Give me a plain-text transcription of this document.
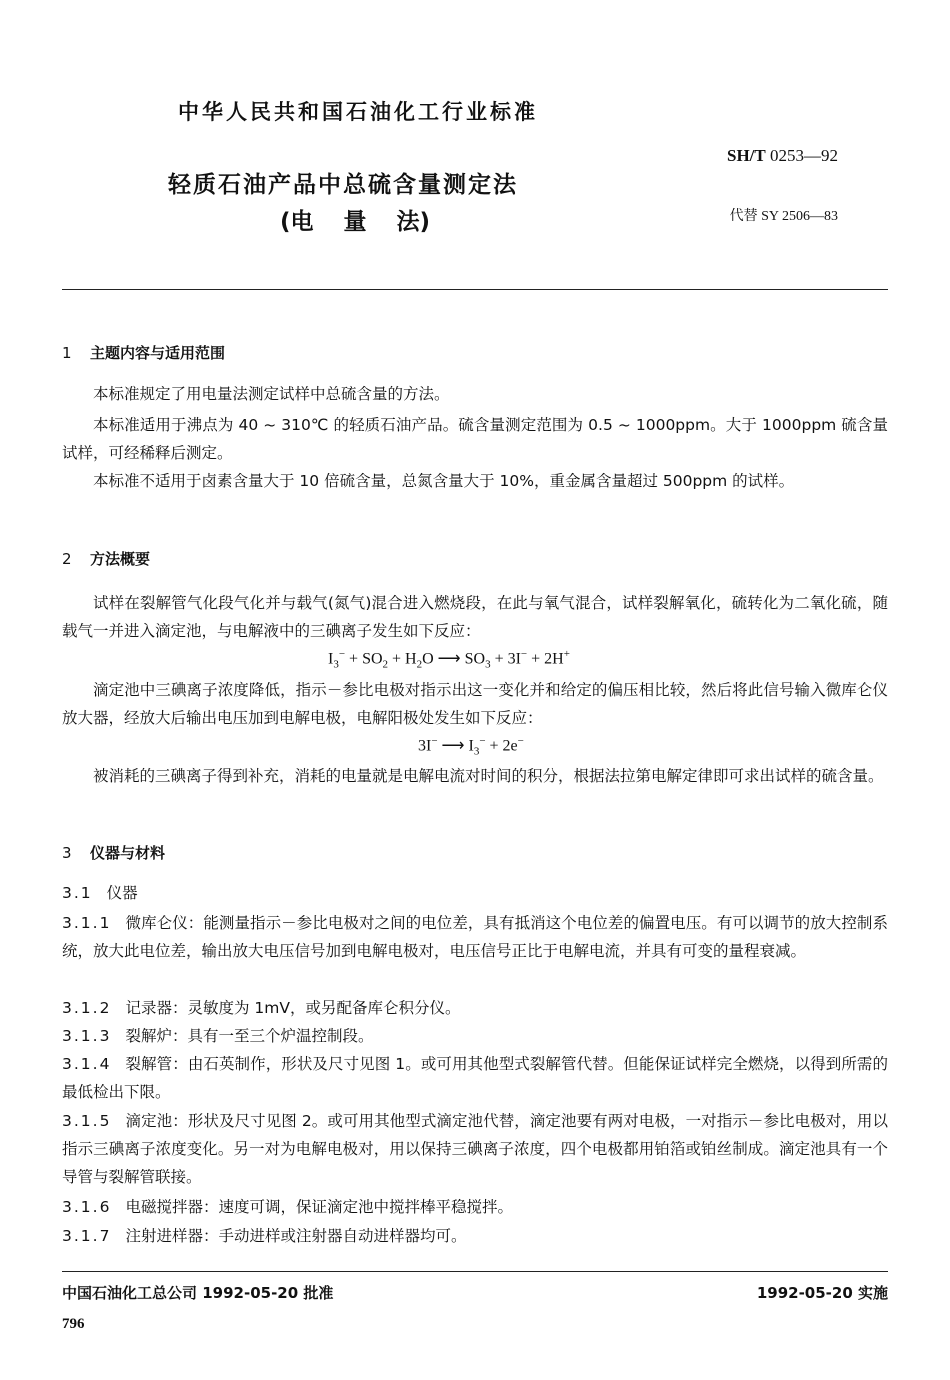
中华人民共和国石油化工行业标准
SH/T 0253—92
轻质石油产品中总硫含量测定法
(电 量 法)	代替 SY 2506—83
1 主题内容与适用范围
本标准规定了用电量法测定试样中总硫含量的方法。
本标准适用于沸点为 40 ~ 310℃ 的轻质石油产品。硫含量测定范围为 0.5 ~ 1000ppm。大于 1000ppm 硫含量试样，可经稀释后测定。
本标准不适用于卤素含量大于 10 倍硫含量，总氮含量大于 10%，重金属含量超过 500ppm 的试样。
2 方法概要
试样在裂解管气化段气化并与载气(氮气)混合进入燃烧段，在此与氧气混合，试样裂解氧化，硫转化为二氧化硫，随载气一并进入滴定池，与电解液中的三碘离子发生如下反应：
$I_3^- + SO_2 + H_2O$ ⟶ $SO_3 + 3I^- + 2H^+$
滴定池中三碘离子浓度降低，指示－参比电极对指示出这一变化并和给定的偏压相比较，然后将此信号输入微库仑仪放大器，经放大后输出电压加到电解电极，电解阳极处发生如下反应：
3I− ⟶ $I_3^- + 2e^-$
被消耗的三碘离子得到补充，消耗的电量就是电解电流对时间的积分，根据法拉第电解定律即可求出试样的硫含量。
3 仪器与材料
3.1 仪器
3.1.1 微库仑仪：能测量指示－参比电极对之间的电位差，具有抵消这个电位差的偏置电压。有可以调节的放大控制系统，放大此电位差，输出放大电压信号加到电解电极对，电压信号正比于电解电流，并具有可变的量程衰减。
3.1.2 记录器：灵敏度为 1mV，或另配备库仑积分仪。
3.1.3 裂解炉：具有一至三个炉温控制段。
3.1.4 裂解管：由石英制作，形状及尺寸见图 1。或可用其他型式裂解管代替。但能保证试样完全燃烧，以得到所需的最低检出下限。
3.1.5 滴定池：形状及尺寸见图 2。或可用其他型式滴定池代替，滴定池要有两对电极，一对指示－参比电极对，用以指示三碘离子浓度变化。另一对为电解电极对，用以保持三碘离子浓度，四个电极都用铂箔或铂丝制成。滴定池具有一个导管与裂解管联接。
3.1.6 电磁搅拌器：速度可调，保证滴定池中搅拌棒平稳搅拌。
3.1.7 注射进样器：手动进样或注射器自动进样器均可。
中国石油化工总公司 1992-05-20 批准	1992-05-20 实施
796
